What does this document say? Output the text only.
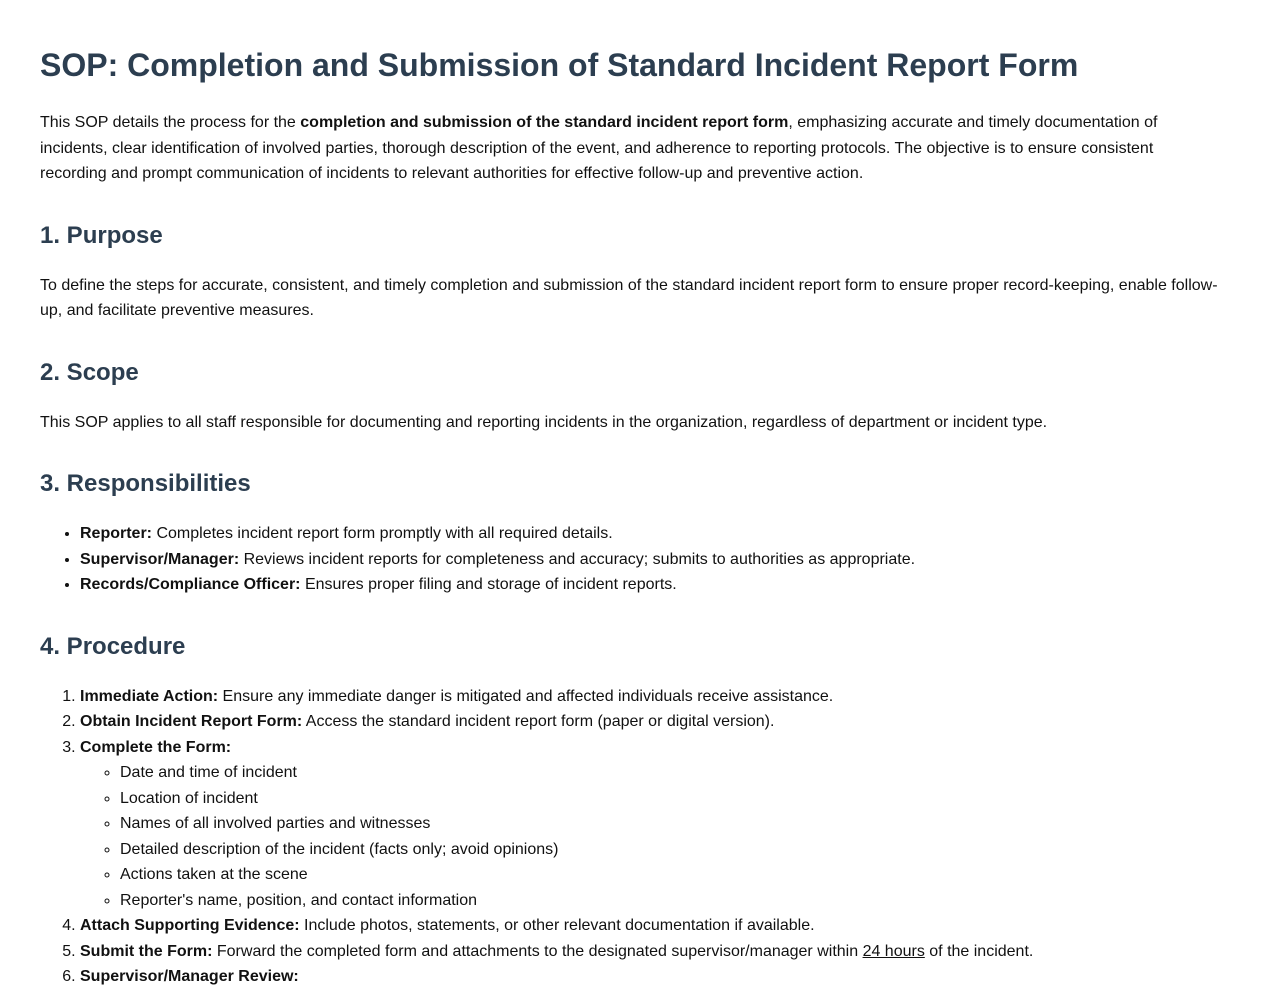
SOP: Completion and Submission of Standard Incident Report Form

This SOP details the process for the completion and submission of the standard incident report form, emphasizing accurate and timely documentation of incidents, clear identification of involved parties, thorough description of the event, and adherence to reporting protocols. The objective is to ensure consistent recording and prompt communication of incidents to relevant authorities for effective follow-up and preventive action.

1. Purpose

To define the steps for accurate, consistent, and timely completion and submission of the standard incident report form to ensure proper record-keeping, enable follow-up, and facilitate preventive measures.

2. Scope

This SOP applies to all staff responsible for documenting and reporting incidents in the organization, regardless of department or incident type.

3. Responsibilities
• Reporter: Completes incident report form promptly with all required details.
• Supervisor/Manager: Reviews incident reports for completeness and accuracy; submits to authorities as appropriate.
• Records/Compliance Officer: Ensures proper filing and storage of incident reports.
4. Procedure
1. Immediate Action: Ensure any immediate danger is mitigated and affected individuals receive assistance.
2. Obtain Incident Report Form: Access the standard incident report form (paper or digital version).
3. Complete the Form:
◦ Date and time of incident
◦ Location of incident
◦ Names of all involved parties and witnesses
◦ Detailed description of the incident (facts only; avoid opinions)
◦ Actions taken at the scene
◦ Reporter's name, position, and contact information
4. Attach Supporting Evidence: Include photos, statements, or other relevant documentation if available.
5. Submit the Form: Forward the completed form and attachments to the designated supervisor/manager within 24 hours of the incident.
6. Supervisor/Manager Review:
